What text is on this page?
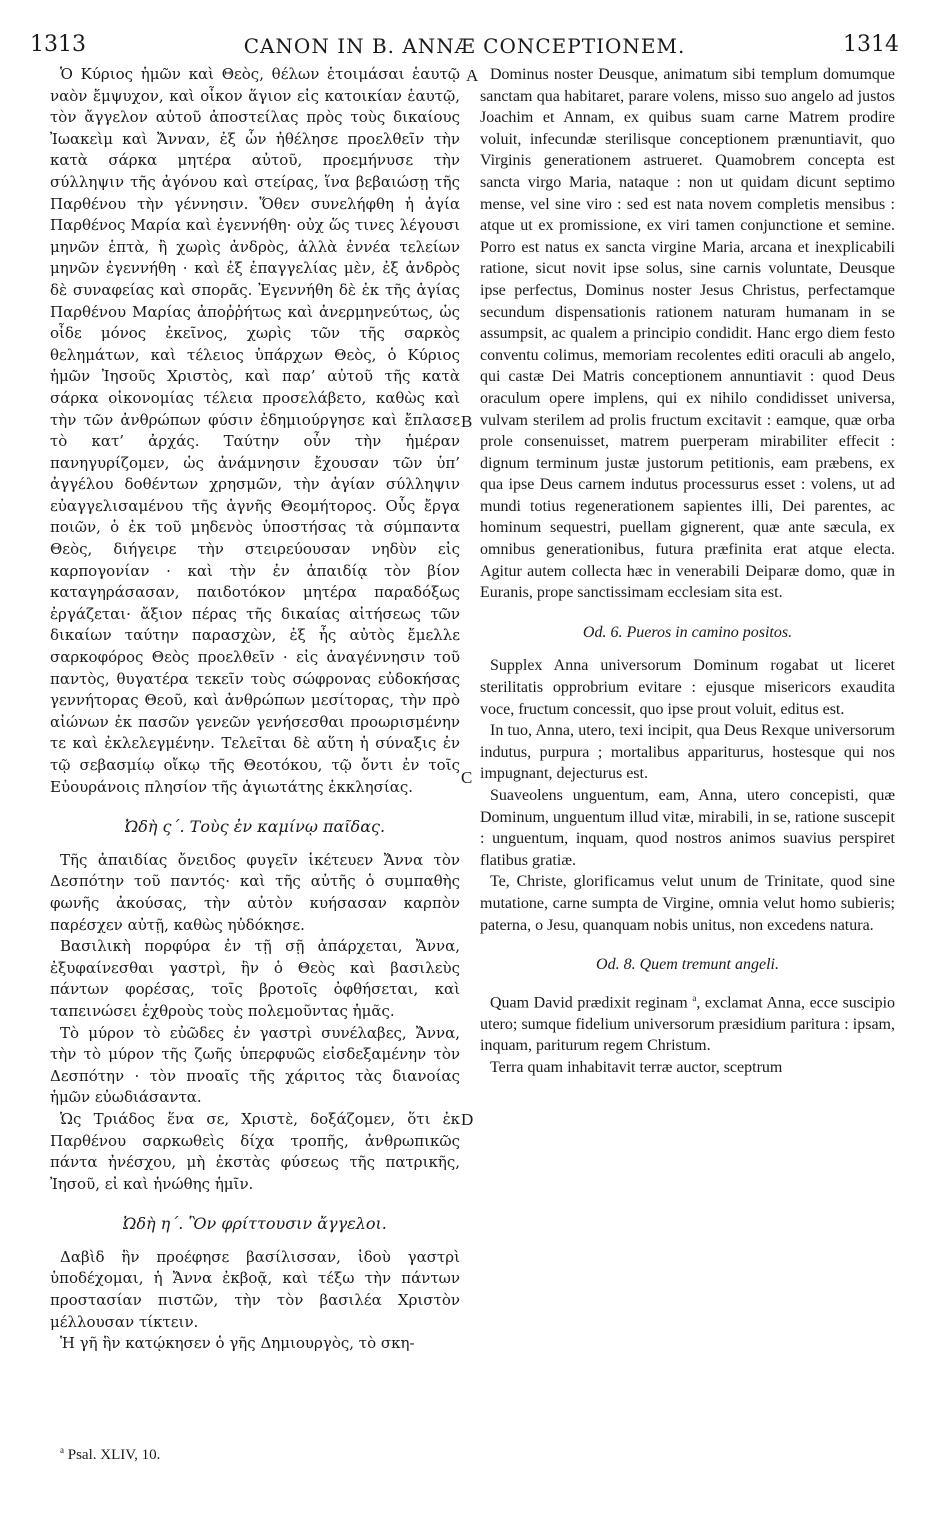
1313	CANON IN B. ANNÆ CONCEPTIONEM.	1314
A
B
C
D

Ὁ Κύριος ἡμῶν καὶ Θεὸς, θέλων ἑτοιμάσαι ἑαυτῷ ναὸν ἔμψυχον, καὶ οἶκον ἅγιον εἰς κατοικίαν ἑαυτῷ, τὸν ἄγγελον αὐτοῦ ἀποστείλας πρὸς τοὺς δικαίους Ἰωακεὶμ καὶ Ἄνναν, ἐξ ὧν ἠθέλησε προελθεῖν τὴν κατὰ σάρκα μητέρα αὐτοῦ, προεμήνυσε τὴν σύλληψιν τῆς ἀγόνου καὶ στείρας, ἵνα βεβαιώσῃ τῆς Παρθένου τὴν γέννησιν. Ὅθεν συνελήφθη ἡ ἁγία Παρθένος Μαρία καὶ ἐγεννήθη· οὐχ ὥς τινες λέγουσι μηνῶν ἑπτὰ, ἢ χωρὶς ἀνδρὸς, ἀλλὰ ἐννέα τελείων μηνῶν ἐγεννήθη · καὶ ἐξ ἐπαγγελίας μὲν, ἐξ ἀνδρὸς δὲ συναφείας καὶ σπορᾶς. Ἐγεννήθη δὲ ἐκ τῆς ἁγίας Παρθένου Μαρίας ἀποῤῥήτως καὶ ἀνερμηνεύτως, ὡς οἶδε μόνος ἐκεῖνος, χωρὶς τῶν τῆς σαρκὸς θελημάτων, καὶ τέλειος ὑπάρχων Θεὸς, ὁ Κύριος ἡμῶν Ἰησοῦς Χριστὸς, καὶ παρ’ αὐτοῦ τῆς κατὰ σάρκα οἰκονομίας τέλεια προσελάβετο, καθὼς καὶ τὴν τῶν ἀνθρώπων φύσιν ἐδημιούργησε καὶ ἔπλασε τὸ κατ’ ἀρχάς. Ταύτην οὖν τὴν ἡμέραν πανηγυρίζομεν, ὡς ἀνάμνησιν ἔχουσαν τῶν ὑπ’ ἀγγέλου δοθέντων χρησμῶν, τὴν ἁγίαν σύλληψιν εὐαγγελισαμένου τῆς ἁγνῆς Θεομήτορος. Οὗς ἔργα ποιῶν, ὁ ἐκ τοῦ μηδενὸς ὑποστήσας τὰ σύμπαντα Θεὸς, διήγειρε τὴν στειρεύουσαν νηδὺν εἰς καρπογονίαν · καὶ τὴν ἐν ἀπαιδίᾳ τὸν βίον καταγηράσασαν, παιδοτόκον μητέρα παραδόξως ἐργάζεται· ἄξιον πέρας τῆς δικαίας αἰτήσεως τῶν δικαίων ταύτην παρασχὼν, ἐξ ἧς αὐτὸς ἔμελλε σαρκοφόρος Θεὸς προελθεῖν · εἰς ἀναγέννησιν τοῦ παντὸς, θυγατέρα τεκεῖν τοὺς σώφρονας εὐδοκήσας γεννήτορας Θεοῦ, καὶ ἀνθρώπων μεσίτορας, τὴν πρὸ αἰώνων ἐκ πασῶν γενεῶν γενήσεσθαι προωρισμένην τε καὶ ἐκλελεγμένην. Τελεῖται δὲ αὕτη ἡ σύναξις ἐν τῷ σεβασμίῳ οἴκῳ τῆς Θεοτόκου, τῷ ὄντι ἐν τοῖς Εὐουράνοις πλησίον τῆς ἁγιωτάτης ἐκκλησίας.

Ὠδὴ ς΄. Τοὺς ἐν καμίνῳ παῖδας.

Τῆς ἀπαιδίας ὄνειδος φυγεῖν ἱκέτευεν Ἄννα τὸν Δεσπότην τοῦ παντός· καὶ τῆς αὐτῆς ὁ συμπαθὴς φωνῆς ἀκούσας, τὴν αὐτὸν κυήσασαν καρπὸν παρέσχεν αὐτῇ, καθὼς ηὐδόκησε.

Βασιλικὴ πορφύρα ἐν τῇ σῇ ἀπάρχεται, Ἄννα, ἐξυφαίνεσθαι γαστρὶ, ἣν ὁ Θεὸς καὶ βασιλεὺς πάντων φορέσας, τοῖς βροτοῖς ὀφθήσεται, καὶ ταπεινώσει ἐχθροὺς τοὺς πολεμοῦντας ἡμᾶς.

Τὸ μύρον τὸ εὐῶδες ἐν γαστρὶ συνέλαβες, Ἄννα, τὴν τὸ μύρον τῆς ζωῆς ὑπερφυῶς εἰσδεξαμένην τὸν Δεσπότην · τὸν πνοαῖς τῆς χάριτος τὰς διανοίας ἡμῶν εὐωδιάσαντα.

Ὡς Τριάδος ἕνα σε, Χριστὲ, δοξάζομεν, ὅτι ἐκ Παρθένου σαρκωθεὶς δίχα τροπῆς, ἀνθρωπικῶς πάντα ἠνέσχου, μὴ ἐκστὰς φύσεως τῆς πατρικῆς, Ἰησοῦ, εἰ καὶ ἡνώθης ἡμῖν.

Ὠδὴ η΄. Ὃν φρίττουσιν ἄγγελοι.

Δαβὶδ ἣν προέφησε βασίλισσαν, ἰδοὺ γαστρὶ ὑποδέχομαι, ἡ Ἄννα ἐκβοᾷ, καὶ τέξω τὴν πάντων προστασίαν πιστῶν, τὴν τὸν βασιλέα Χριστὸν μέλλουσαν τίκτειν.

Ἡ γῆ ἣν κατῴκησεν ὁ γῆς Δημιουργὸς, τὸ σκη-

Dominus noster Deusque, animatum sibi templum domumque sanctam qua habitaret, parare volens, misso suo angelo ad justos Joachim et Annam, ex quibus suam carne Matrem prodire voluit, infecundæ sterilisque conceptionem prænuntiavit, quo Virginis generationem astrueret. Quamobrem concepta est sancta virgo Maria, nataque : non ut quidam dicunt septimo mense, vel sine viro : sed est nata novem completis mensibus : atque ut ex promissione, ex viri tamen conjunctione et semine. Porro est natus ex sancta virgine Maria, arcana et inexplicabili ratione, sicut novit ipse solus, sine carnis voluntate, Deusque ipse perfectus, Dominus noster Jesus Christus, perfectamque secundum dispensationis rationem naturam humanam in se assumpsit, ac qualem a principio condidit. Hanc ergo diem festo conventu colimus, memoriam recolentes editi oraculi ab angelo, qui castæ Dei Matris conceptionem annuntiavit : quod Deus oraculum opere implens, qui ex nihilo condidisset universa, vulvam sterilem ad prolis fructum excitavit : eamque, quæ orba prole consenuisset, matrem puerperam mirabiliter effecit : dignum terminum justæ justorum petitionis, eam præbens, ex qua ipse Deus carnem indutus processurus esset : volens, ut ad mundi totius regenerationem sapientes illi, Dei parentes, ac hominum sequestri, puellam gignerent, quæ ante sæcula, ex omnibus generationibus, futura præfinita erat atque electa. Agitur autem collecta hæc in venerabili Deiparæ domo, quæ in Euranis, prope sanctissimam ecclesiam sita est.

Od. 6. Pueros in camino positos.

Supplex Anna universorum Dominum rogabat ut liceret sterilitatis opprobrium evitare : ejusque misericors exaudita voce, fructum concessit, quo ipse prout voluit, editus est.

In tuo, Anna, utero, texi incipit, qua Deus Rexque universorum indutus, purpura ; mortalibus appariturus, hostesque qui nos impugnant, dejecturus est.

Suaveolens unguentum, eam, Anna, utero concepisti, quæ Dominum, unguentum illud vitæ, mirabili, in se, ratione suscepit : unguentum, inquam, quod nostros animos suavius perspiret flatibus gratiæ.

Te, Christe, glorificamus velut unum de Trinitate, quod sine mutatione, carne sumpta de Virgine, omnia velut homo subieris; paterna, o Jesu, quanquam nobis unitus, non excedens natura.

Od. 8. Quem tremunt angeli.

Quam David prædixit reginam $^a$, exclamat Anna, ecce suscipio utero; sumque fidelium universorum præsidium paritura : ipsam, inquam, pariturum regem Christum.

Terra quam inhabitavit terræ auctor, sceptrum

$^a$ Psal. XLIV, 10.
